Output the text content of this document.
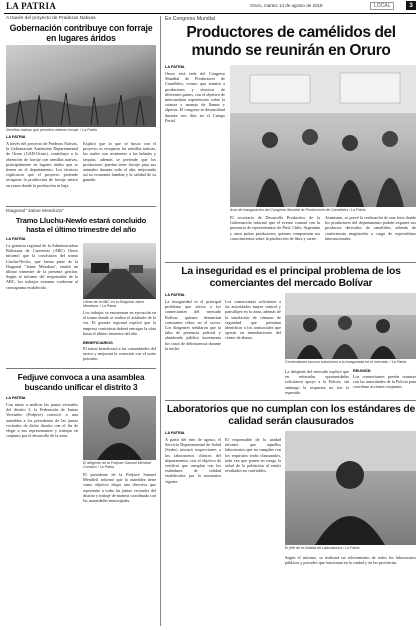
LA PATRIA	Oruro, martes 14 de agosto de 2018	LOCAL	3
A través del proyecto de Praderas Nativas
Gobernación contribuye con forraje en lugares áridos
Semillas nativas que permiten obtener forraje. / La Patria
LA PATRIA
A través del proyecto de Praderas Nativas, la Gobernación Autónoma Departamental de Oruro (GAD-Oruro), contribuye a la obtención de forraje con semillas nativas, principalmente en lugares áridos que se tienen en el departamento. Los técnicos explicaron que el proyecto pretende recuperar la producción de forraje nativo en zonas donde la producción es baja.
Explicó que lo que se busca con el proyecto es recuperar las semillas nativas, las cuales son resistentes a las heladas y sequías, además se pretende que los productores puedan tener forraje para sus animales durante todo el año, mejorando así su economía familiar y la calidad de su ganado.
Diagonal "Jaime Mendoza"
Tramo Lluchu-Newlo estará concluido hasta el último trimestre del año
LA PATRIA
La gerencia regional de la Administradora Boliviana de Carreteras (ABC) Oruro informó que la conclusión del tramo Lluchu-Newlo, que forma parte de la Diagonal "Jaime Mendoza", tendrá un último trimestre de la presente gestión. Según el informe del responsable de la ABC, los trabajos avanzan conforme al cronograma establecido.
Obras de la ABC en la Diagonal Jaime Mendoza. / La Patria
Los trabajos se encuentran en ejecución en el tramo donde se realiza el asfaltado de la vía. El gerente regional explicó que la empresa contratista deberá entregar la obra hasta el último trimestre del año.
BENEFICIARIOS
El tramo beneficiará a las comunidades del sector y mejorará la conexión con el norte potosino.
Fedjuve convoca a una asamblea buscando unificar el distrito 3
LA PATRIA
Con miras a unificar las juntas vecinales del distrito 3, la Federación de Juntas Vecinales (Fedjuve) convocó a una asamblea a los presidentes de las juntas vecinales de dicho distrito con el fin de elegir a sus representantes y trabajar en conjunto por el desarrollo de la zona.
El dirigente de la Fedjuve Samuel Mendívil Corralco / La Patria
El presidente de la Fedjuve Samuel Mendívil informó que la asamblea tiene como objetivo elegir una directiva que represente a todas las juntas vecinales del distrito y trabaje de manera coordinada con las autoridades municipales.
En Congreso Mundial
Productores de camélidos del mundo se reunirán en Oruro
LA PATRIA
Oruro será sede del Congreso Mundial de Productores de Camélidos, evento que reunirá a productores y técnicos de diferentes países, con el objetivo de intercambiar experiencias sobre la crianza y manejo de llamas y alpacas. El congreso se desarrollará durante tres días en el Campo Ferial.
Acto de inauguración del Congreso Mundial de Productores de Camélidos / La Patria
El secretario de Desarrollo Productivo de la Gobernación informó que el evento contará con la presencia de representantes de Perú, Chile, Argentina y otros países productores, quienes compartirán sus conocimientos sobre la producción de fibra y carne.
Asimismo, se prevé la realización de una feria donde los productores del departamento podrán exponer sus productos derivados de camélidos, además de conferencias magistrales a cargo de especialistas internacionales.
La inseguridad es el principal problema de los comerciantes del mercado Bolívar
LA PATRIA
La inseguridad es el principal problema que afecta a los comerciantes del mercado Bolívar, quienes denuncian constantes robos en el sector. Los dirigentes señalaron que la falta de presencia policial y alumbrado público incrementa los casos de delincuencia durante la noche.
Los comerciantes solicitaron a las autoridades mayor control y patrullajes en la zona, además de la instalación de cámaras de seguridad que permitan identificar a los antisociales que operan en inmediaciones del centro de abasto.
Comerciantes buscan soluciones a la inseguridad en el mercado. / La Patria
La dirigente del mercado explicó que en reiteradas oportunidades solicitaron apoyo a la Policía, sin embargo la respuesta no fue la esperada.
REUNIÓN
Los comerciantes prevén reunirse con las autoridades de la Policía para coordinar acciones conjuntas.
Laboratorios que no cumplan con los estándares de calidad serán clausurados
LA PATRIA
A partir del mes de agosto, el Servicio Departamental de Salud (Sedes) iniciará inspecciones a los laboratorios clínicos del departamento, con el objetivo de verificar que cumplan con los estándares de calidad establecidos por la normativa vigente.
El responsable de la unidad informó que aquellos laboratorios que no cumplan con los requisitos serán clausurados, toda vez que ponen en riesgo la salud de la población al emitir resultados no confiables.
El jefe de la Unidad de Laboratorios / La Patria
Según el informe, se realizará un relevamiento de todos los laboratorios públicos y privados que funcionan en la ciudad y en las provincias.
